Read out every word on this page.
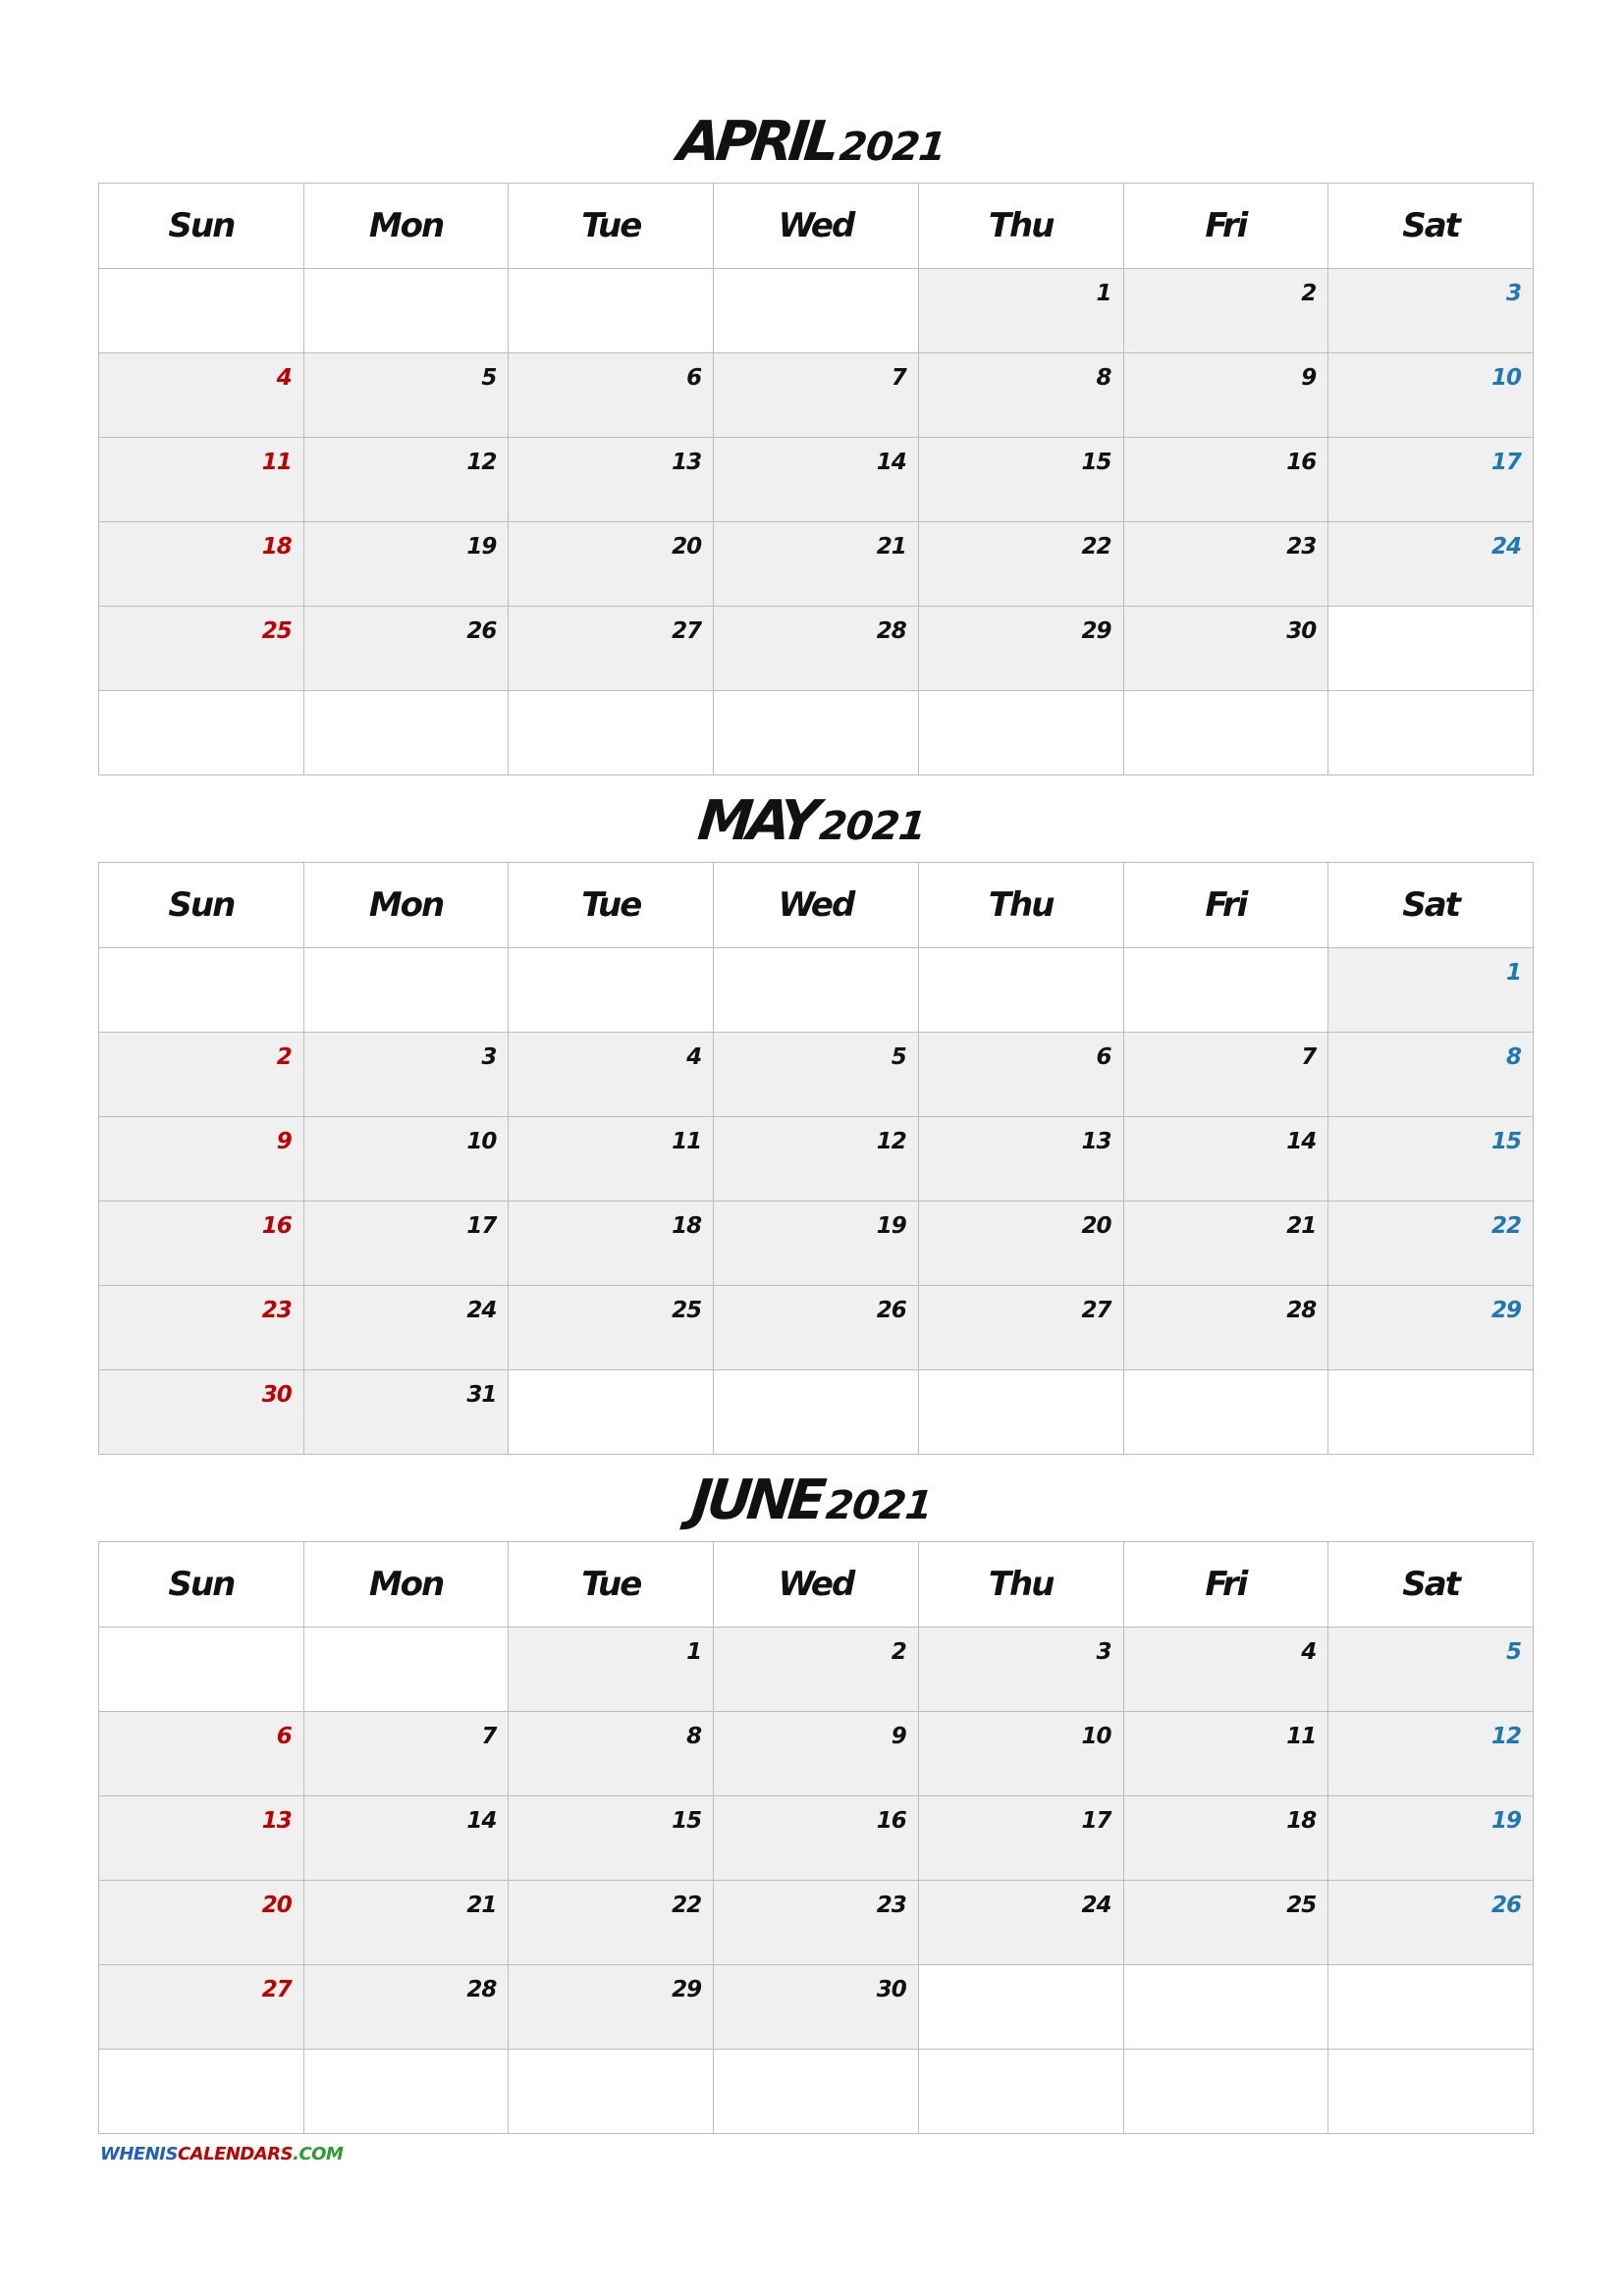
APRIL2021
Sun	Mon	Tue	Wed	Thu	Fri	Sat

				1	2	3

4	5	6	7	8	9	10

11	12	13	14	15	16	17

18	19	20	21	22	23	24

25	26	27	28	29	30	

MAY2021
Sun	Mon	Tue	Wed	Thu	Fri	Sat

						1

2	3	4	5	6	7	8

9	10	11	12	13	14	15

16	17	18	19	20	21	22

23	24	25	26	27	28	29

30	31					

JUNE2021
Sun	Mon	Tue	Wed	Thu	Fri	Sat

		1	2	3	4	5

6	7	8	9	10	11	12

13	14	15	16	17	18	19

20	21	22	23	24	25	26

27	28	29	30			

WHENISCALENDARS.COM
